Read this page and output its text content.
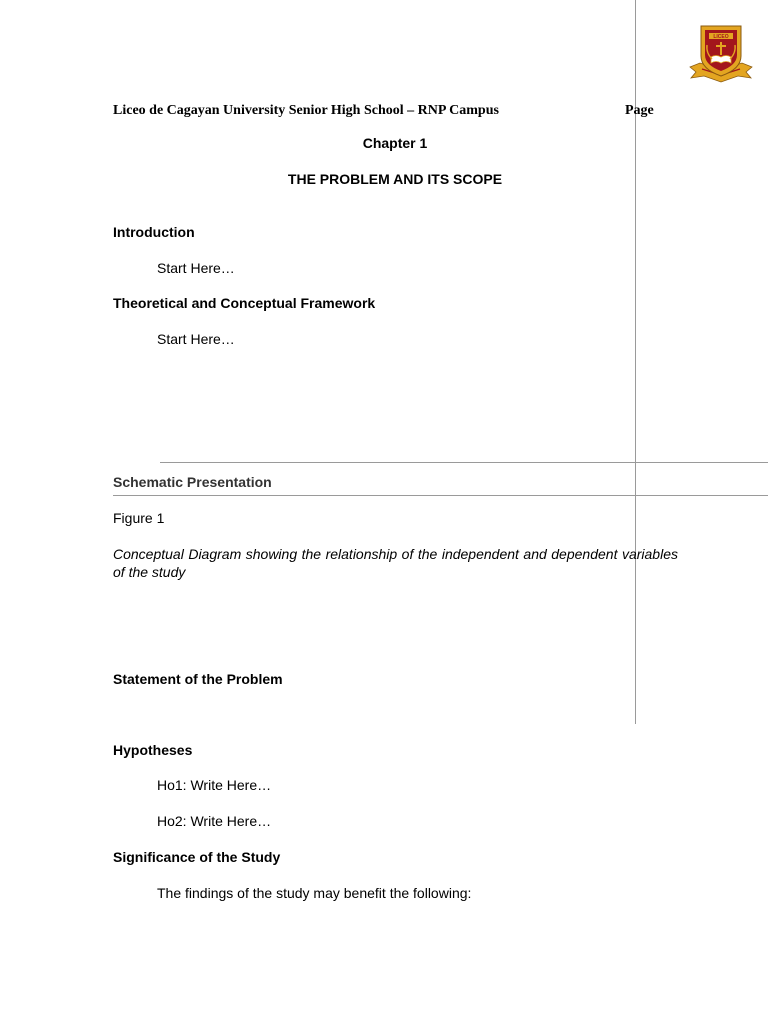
LICEO
Liceo de Cagayan University Senior High School – RNP Campus	Page
Chapter 1
THE PROBLEM AND ITS SCOPE
Introduction
Start Here…
Theoretical and Conceptual Framework
Start Here…
Schematic Presentation
Figure 1
Conceptual Diagram showing the relationship of the independent and dependent variables of the study
Statement of the Problem
Hypotheses
Ho1: Write Here…
Ho2: Write Here…
Significance of the Study
The findings of the study may benefit the following:
